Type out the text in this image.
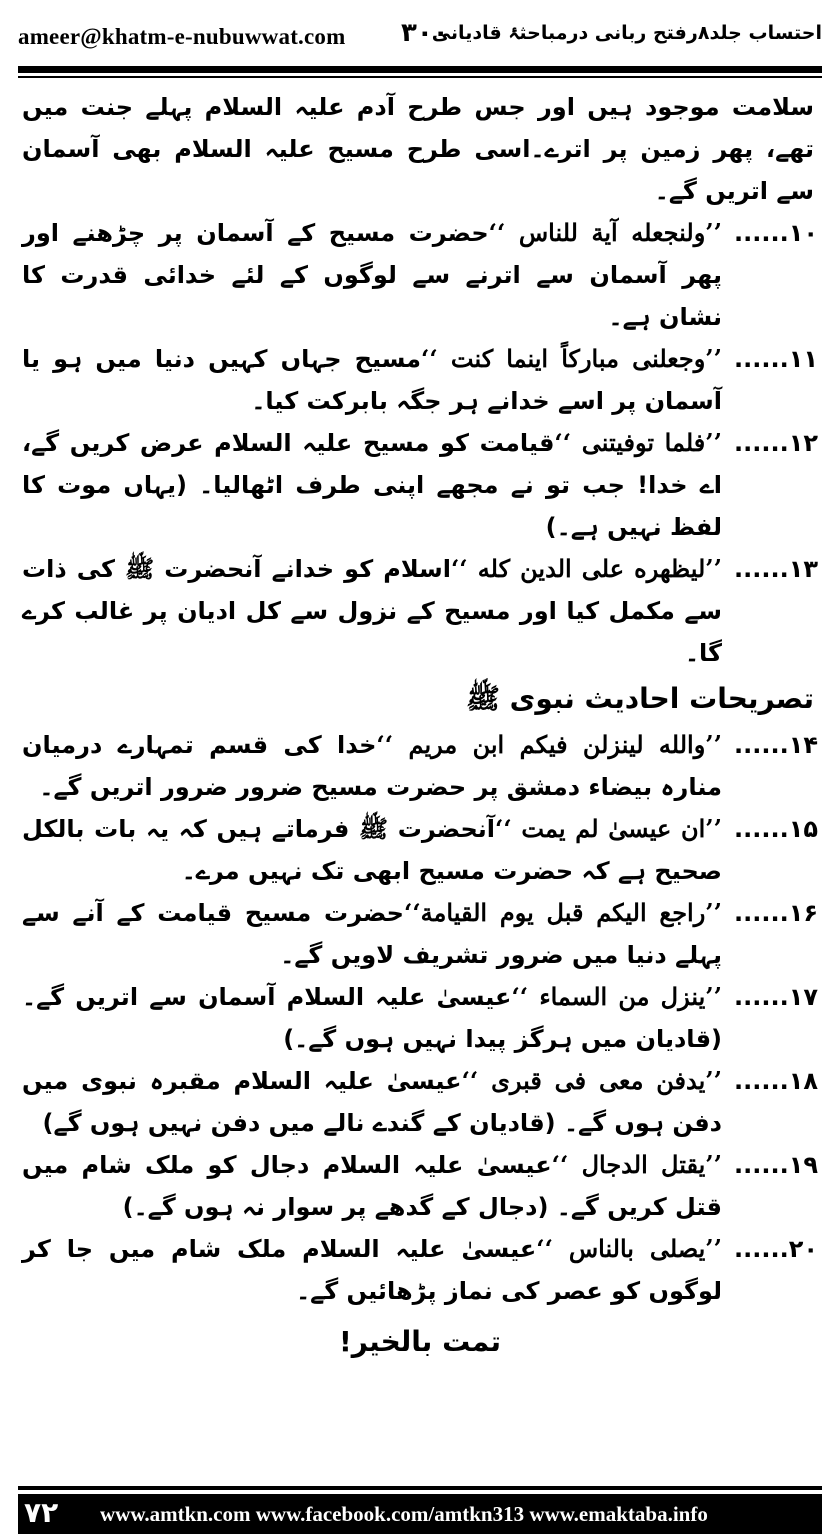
ameer@khatm-e-nubuwwat.com ۳۰۰
احتساب جلد۸رفتح ربانی درمباحثۂ قادیانی
سلامت موجود ہیں اور جس طرح آدم علیہ السلام پہلے جنت میں تھے، پھر زمین پر اترے۔اسی طرح مسیح علیہ السلام بھی آسمان سے اتریں گے۔
۱۰......
’’ولنجعله آية للناس ‘‘حضرت مسیح کے آسمان پر چڑھنے اور پھر آسمان سے اترنے سے لوگوں کے لئے خدائی قدرت کا نشان ہے۔
۱۱......
’’وجعلنی مباركاً اینما كنت ‘‘مسیح جہاں کہیں دنیا میں ہو یا آسمان پر اسے خدانے ہر جگہ بابرکت کیا۔
۱۲......
’’فلما توفيتنی ‘‘قیامت کو مسیح علیہ السلام عرض کریں گے، اے خدا! جب تو نے مجھے اپنی طرف اٹھالیا۔ (یہاں موت کا لفظ نہیں ہے۔)
۱۳......
’’ليظهره على الدين كله ‘‘اسلام کو خدانے آنحضرت ﷺ کی ذات سے مکمل کیا اور مسیح کے نزول سے کل ادیان پر غالب کرے گا۔
تصریحات احادیث نبوی ﷺ
۱۴......
’’والله لينزلن فيكم ابن مريم ‘‘خدا کی قسم تمہارے درمیان منارہ بیضاء دمشق پر حضرت مسیح ضرور ضرور اتریں گے۔
۱۵......
’’ان عیسیٰ لم يمت ‘‘آنحضرت ﷺ فرماتے ہیں کہ یہ بات بالکل صحیح ہے کہ حضرت مسیح ابھی تک نہیں مرے۔
۱۶......
’’راجع اليكم قبل يوم القيامة‘‘حضرت مسیح قیامت کے آنے سے پہلے دنیا میں ضرور تشریف لاویں گے۔
۱۷......
’’ينزل من السماء ‘‘عیسیٰ علیہ السلام آسمان سے اتریں گے۔ (قادیان میں ہرگز پیدا نہیں ہوں گے۔)
۱۸......
’’يدفن معی فی قبری ‘‘عیسیٰ علیہ السلام مقبرہ نبوی میں دفن ہوں گے۔ (قادیان کے گندے نالے میں دفن نہیں ہوں گے)
۱۹......
’’يقتل الدجال ‘‘عیسیٰ علیہ السلام دجال کو ملک شام میں قتل کریں گے۔ (دجال کے گدھے پر سوار نہ ہوں گے۔)
۲۰......
’’يصلی بالناس ‘‘عیسیٰ علیہ السلام ملک شام میں جا کر لوگوں کو عصر کی نماز پڑھائیں گے۔
تمت بالخیر!
۷۲ www.amtkn.com www.facebook.com/amtkn313 www.emaktaba.info
